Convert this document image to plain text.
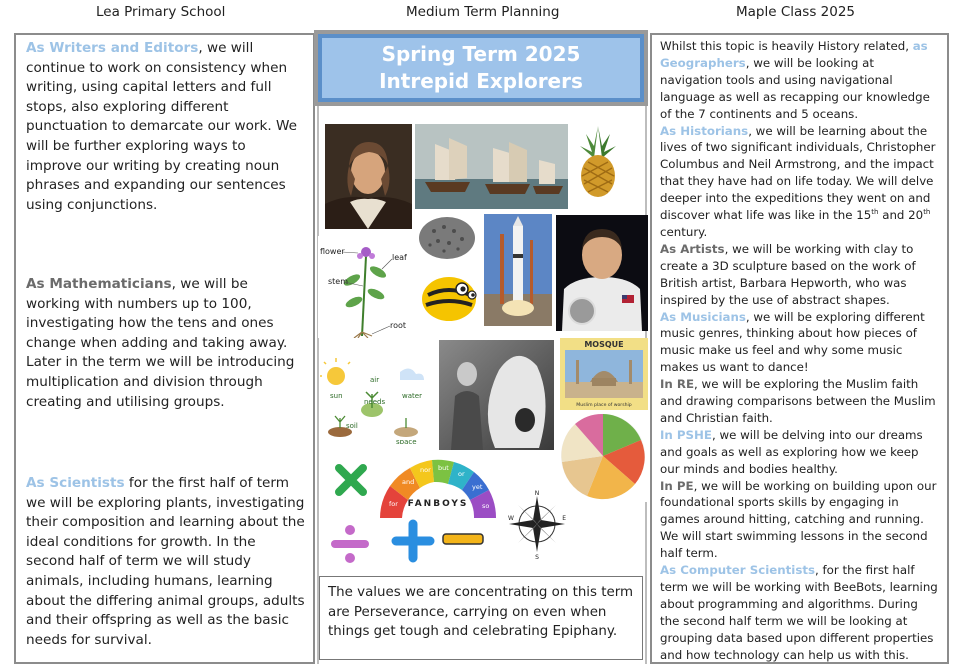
Lea Primary School	Medium Term Planning	Maple Class 2025

As Writers and Editors, we will continue to work on consistency when writing, using capital letters and full stops, also exploring different punctuation to demarcate our work. We will be further exploring ways to improve our writing by creating noun phrases and expanding our sentences using conjunctions.

As Mathematicians, we will be working with numbers up to 100, investigating how the tens and ones change when adding and taking away. Later in the term we will be introducing multiplication and division through creating and utilising groups.

As Scientists for the first half of term we will be exploring plants, investigating their composition and learning about the ideal conditions for growth. In the second half of term we will study animals, including humans, learning about the differing animal groups, adults and their offspring as well as the basic needs for survival.

Spring Term 2025
Intrepid Explorers
flower
leaf
stem
root
sun
air
needs
water
soil
space
MOSQUE
Muslim place of worship
for
and
nor but
or
yet
so
FANBOYS
N
E
S
W
The values we are concentrating on this term are Perseverance, carrying on even when things get tough and celebrating Epiphany.

Whilst this topic is heavily History related, as Geographers, we will be looking at navigation tools and using navigational language as well as recapping our knowledge of the 7 continents and 5 oceans.

As Historians, we will be learning about the lives of two significant individuals, Christopher Columbus and Neil Armstrong, and the impact that they have had on life today. We will delve deeper into the expeditions they went on and discover what life was like in the 15th and 20th century.

As Artists, we will be working with clay to create a 3D sculpture based on the work of British artist, Barbara Hepworth, who was inspired by the use of abstract shapes.

As Musicians, we will be exploring different music genres, thinking about how pieces of music make us feel and why some music makes us want to dance!

In RE, we will be exploring the Muslim faith and drawing comparisons between the Muslim and Christian faith.

In PSHE, we will be delving into our dreams and goals as well as exploring how we keep our minds and bodies healthy.

In PE, we will be working on building upon our foundational sports skills by engaging in games around hitting, catching and running. We will start swimming lessons in the second half term.

As Computer Scientists, for the first half term we will be working with BeeBots, learning about programming and algorithms. During the second half term we will be looking at grouping data based upon different properties and how technology can help us with this.
